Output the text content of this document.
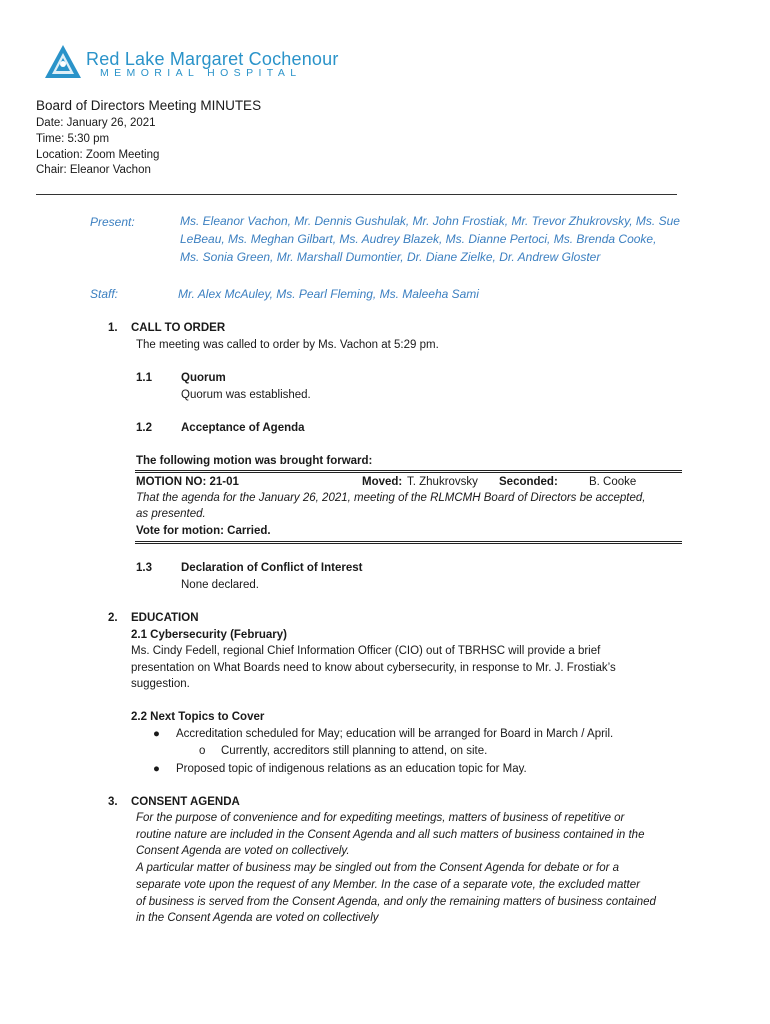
Red Lake Margaret Cochenour
MEMORIAL HOSPITAL
Board of Directors Meeting MINUTES
Date: January 26, 2021
Time: 5:30 pm
Location: Zoom Meeting
Chair: Eleanor Vachon
Present:	Ms. Eleanor Vachon, Mr. Dennis Gushulak, Mr. John Frostiak, Mr. Trevor Zhukrovsky, Ms. Sue
LeBeau, Ms. Meghan Gilbart, Ms. Audrey Blazek, Ms. Dianne Pertoci, Ms. Brenda Cooke,
Ms. Sonia Green, Mr. Marshall Dumontier, Dr. Diane Zielke, Dr. Andrew Gloster
Staff:	Mr. Alex McAuley, Ms. Pearl Fleming, Ms. Maleeha Sami
1. CALL TO ORDER
The meeting was called to order by Ms. Vachon at 5:29 pm.
1.1	Quorum
Quorum was established.
1.2	Acceptance of Agenda
The following motion was brought forward:
MOTION NO: 21-01	Moved: T. Zhukrovsky Seconded:	B. Cooke
That the agenda for the January 26, 2021, meeting of the RLMCMH Board of Directors be accepted,
as presented.
Vote for motion: Carried.
1.3	Declaration of Conflict of Interest
None declared.
2. EDUCATION
2.1 Cybersecurity (February)
Ms. Cindy Fedell, regional Chief Information Officer (CIO) out of TBRHSC will provide a brief
presentation on What Boards need to know about cybersecurity, in response to Mr. J. Frostiak’s
suggestion.
2.2 Next Topics to Cover
● Accreditation scheduled for May; education will be arranged for Board in March / April.
o Currently, accreditors still planning to attend, on site.
● Proposed topic of indigenous relations as an education topic for May.
3. CONSENT AGENDA
For the purpose of convenience and for expediting meetings, matters of business of repetitive or
routine nature are included in the Consent Agenda and all such matters of business contained in the
Consent Agenda are voted on collectively.
A particular matter of business may be singled out from the Consent Agenda for debate or for a
separate vote upon the request of any Member. In the case of a separate vote, the excluded matter
of business is served from the Consent Agenda, and only the remaining matters of business contained
in the Consent Agenda are voted on collectively
